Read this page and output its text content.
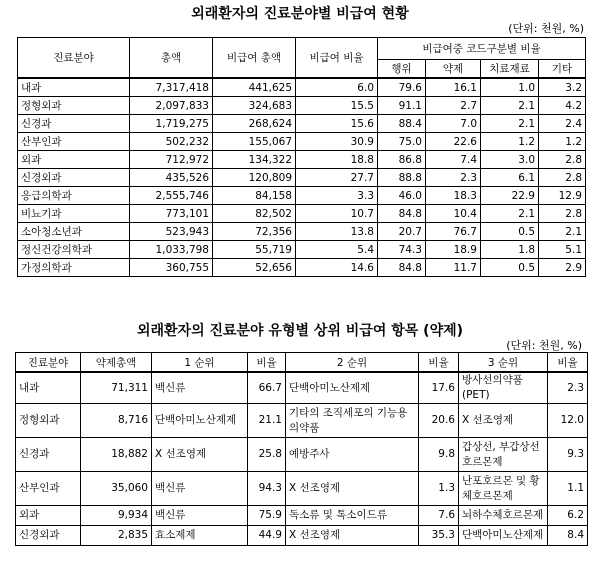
외래환자의 진료분야별 비급여 현황
(단위: 천원, %)
진료분야	총액	비급여 총액	비급여 비율	비급여중 코드구분별 비율			
				행위	약제	치료재료	기타
내과	7,317,418	441,625	6.0	79.6	16.1	1.0	3.2
정형외과	2,097,833	324,683	15.5	91.1	2.7	2.1	4.2
신경과	1,719,275	268,624	15.6	88.4	7.0	2.1	2.4
산부인과	502,232	155,067	30.9	75.0	22.6	1.2	1.2
외과	712,972	134,322	18.8	86.8	7.4	3.0	2.8
신경외과	435,526	120,809	27.7	88.8	2.3	6.1	2.8
응급의학과	2,555,746	84,158	3.3	46.0	18.3	22.9	12.9
비뇨기과	773,101	82,502	10.7	84.8	10.4	2.1	2.8
소아청소년과	523,943	72,356	13.8	20.7	76.7	0.5	2.1
정신건강의학과	1,033,798	55,719	5.4	74.3	18.9	1.8	5.1
가정의학과	360,755	52,656	14.6	84.8	11.7	0.5	2.9
외래환자의 진료분야 유형별 상위 비급여 항목 (약제)
(단위: 천원, %)
진료분야	약제총액	1 순위	비율	2 순위	비율	3 순위	비율
내과	71,311	백신류	66.7	단백아미노산제제	17.6	방사선의약품(PET)	2.3
정형외과	8,716	단백아미노산제제	21.1	기타의 조직세포의 기능용의약품	20.6	X 선조영제	12.0
신경과	18,882	X 선조영제	25.8	예방주사	9.8	갑상선, 부갑상선호르몬제	9.3
산부인과	35,060	백신류	94.3	X 선조영제	1.3	난포호르몬 및 황체호르몬제	1.1
외과	9,934	백신류	75.9	독소류 및 톡소이드류	7.6	뇌하수체호르몬제	6.2
신경외과	2,835	효소제제	44.9	X 선조영제	35.3	단백아미노산제제	8.4
